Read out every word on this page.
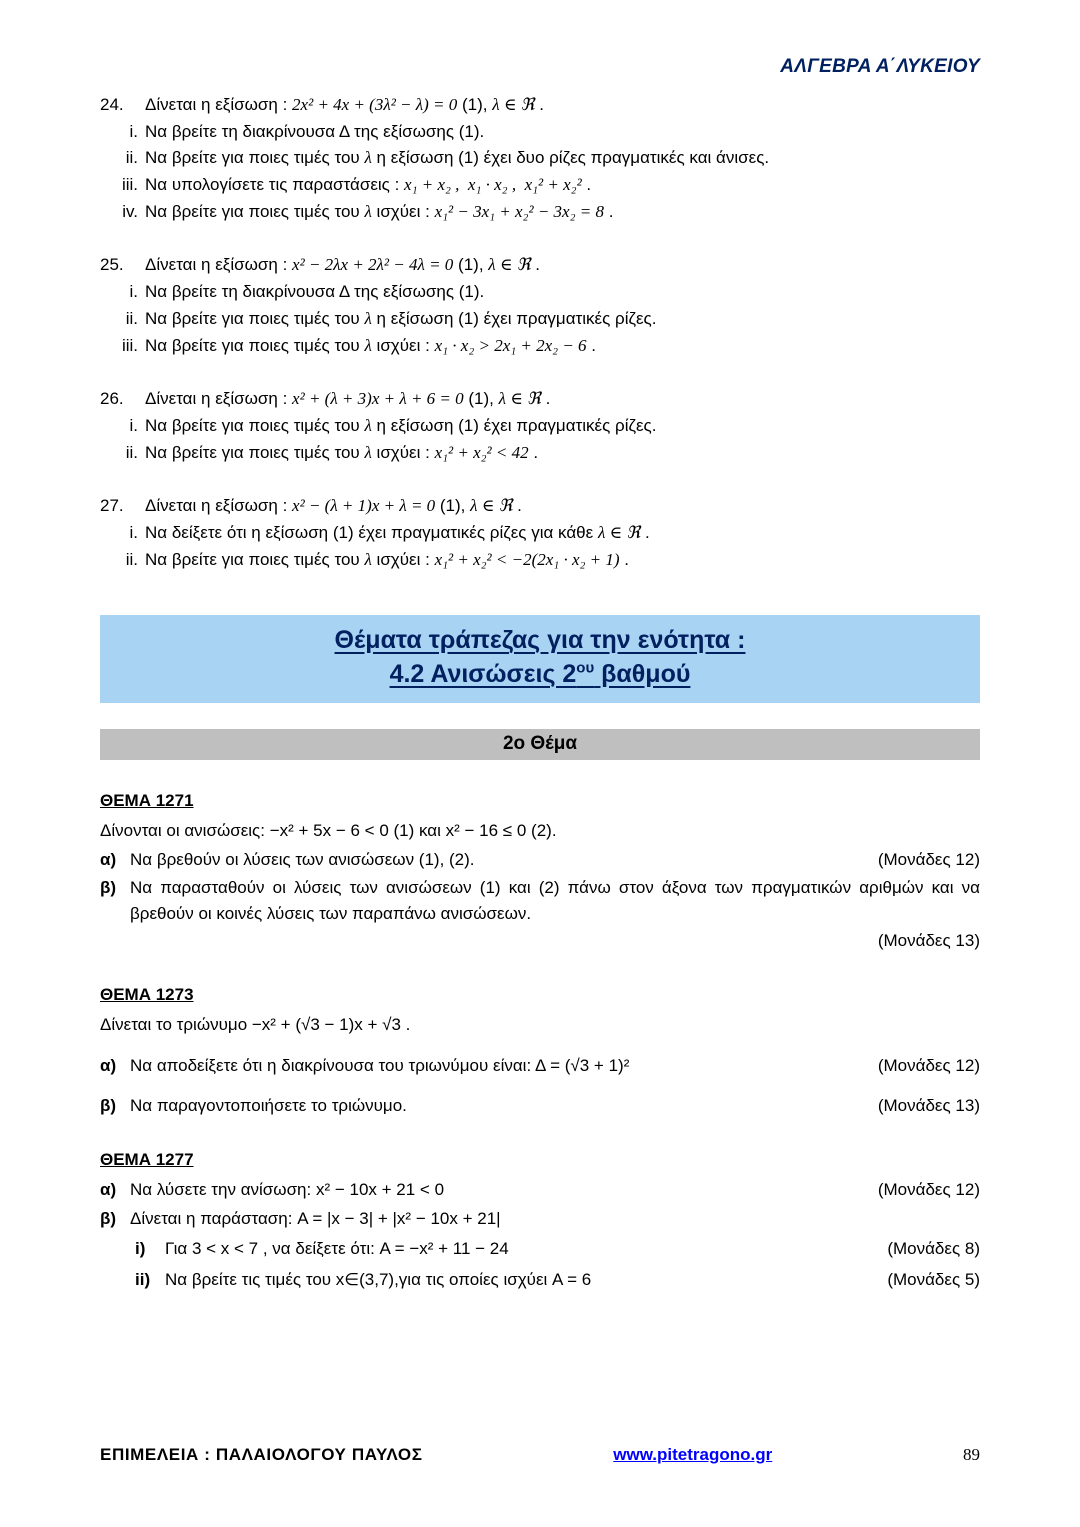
ΑΛΓΕΒΡΑ Α΄ΛΥΚΕΙΟΥ
24.	Δίνεται η εξίσωση : 2x² + 4x + (3λ² − λ) = 0 (1), λ ∈ ℜ .
i. Να βρείτε τη διακρίνουσα Δ της εξίσωσης (1).
ii. Να βρείτε για ποιες τιμές του λ η εξίσωση (1) έχει δυο ρίζες πραγματικές και άνισες.
iii. Να υπολογίσετε τις παραστάσεις : x₁ + x₂ ,  x₁ · x₂ ,  x₁² + x₂² .
iv. Να βρείτε για ποιες τιμές του λ ισχύει : x₁² − 3x₁ + x₂² − 3x₂ = 8 .
25.	Δίνεται η εξίσωση : x² − 2λx + 2λ² − 4λ = 0 (1), λ ∈ ℜ .
i. Να βρείτε τη διακρίνουσα Δ της εξίσωσης (1).
ii. Να βρείτε για ποιες τιμές του λ η εξίσωση (1) έχει πραγματικές ρίζες.
iii. Να βρείτε για ποιες τιμές του λ ισχύει : x₁ · x₂ > 2x₁ + 2x₂ − 6 .
26.	Δίνεται η εξίσωση : x² + (λ + 3)x + λ + 6 = 0 (1), λ ∈ ℜ .
i. Να βρείτε για ποιες τιμές του λ η εξίσωση (1) έχει πραγματικές ρίζες.
ii. Να βρείτε για ποιες τιμές του λ ισχύει : x₁² + x₂² < 42 .
27.	Δίνεται η εξίσωση : x² − (λ + 1)x + λ = 0 (1), λ ∈ ℜ .
i. Να δείξετε ότι η εξίσωση (1) έχει πραγματικές ρίζες για κάθε λ ∈ ℜ .
ii. Να βρείτε για ποιες τιμές του λ ισχύει : x₁² + x₂² < −2(2x₁ · x₂ + 1) .
Θέματα τράπεζας για την ενότητα :
4.2 Ανισώσεις $2^{o\upsilon}$ βαθμού
2ο Θέμα
ΘΕΜΑ 1271
Δίνονται οι ανισώσεις: −x² + 5x − 6 < 0 (1) και x² − 16 ≤ 0 (2).
α) Να βρεθούν οι λύσεις των ανισώσεων (1), (2).	(Μονάδες 12)
β) Να παρασταθούν οι λύσεις των ανισώσεων (1) και (2) πάνω στον άξονα των πραγματικών αριθμών και να βρεθούν οι κοινές λύσεις των παραπάνω ανισώσεων.
(Μονάδες 13)
ΘΕΜΑ 1273
Δίνεται το τριώνυμο −x² + (√3 − 1)x + √3 .
α) Να αποδείξετε ότι η διακρίνουσα του τριωνύμου είναι: Δ = (√3 + 1)²	(Μονάδες 12)
β) Να παραγοντοποιήσετε το τριώνυμο.	(Μονάδες 13)
ΘΕΜΑ 1277
α) Να λύσετε την ανίσωση: x² − 10x + 21 < 0	(Μονάδες 12)
β) Δίνεται η παράσταση: A = |x − 3| + |x² − 10x + 21|
i)	Για 3 < x < 7 , να δείξετε ότι: A = −x² + 11 − 24	(Μονάδες 8)
ii) Να βρείτε τις τιμές του x∈(3,7),για τις οποίες ισχύει A = 6	(Μονάδες 5)
ΕΠΙΜΕΛΕΙΑ : ΠΑΛΑΙΟΛΟΓΟΥ ΠΑΥΛΟΣ	www.pitetragono.gr	89
